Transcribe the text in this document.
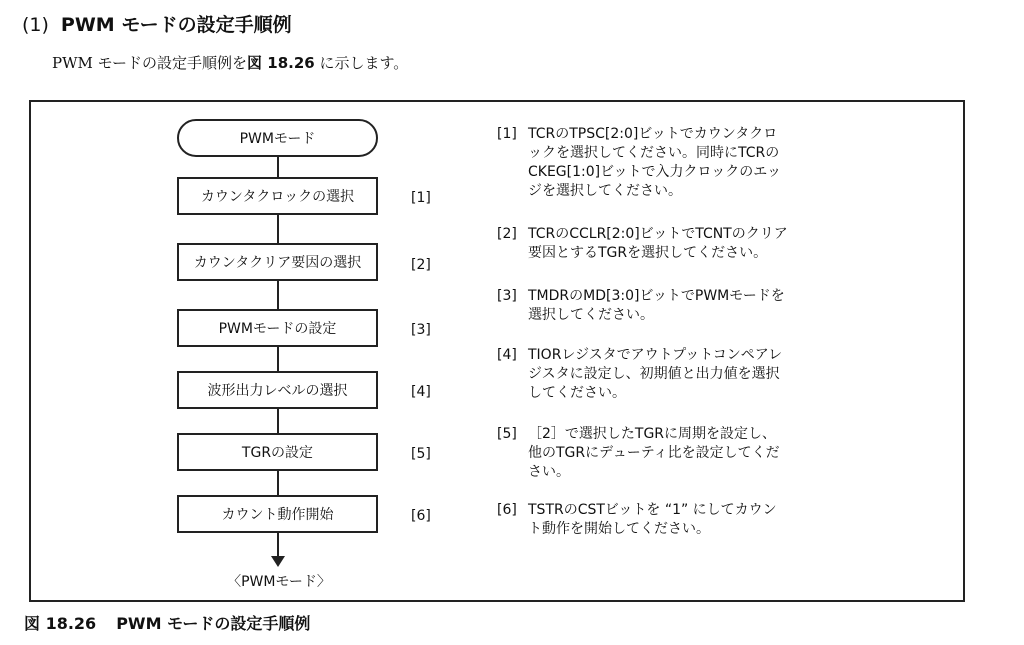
(1) PWM モードの設定手順例
PWM モードの設定手順例を図 18.26 に示します。
PWMモード
カウンタクロックの選択	[1]
カウンタクリア要因の選択	[2]
PWMモードの設定	[3]
波形出力レベルの選択	[4]
TGRの設定	[5]
カウント動作開始	[6]
〈PWMモード〉
[1] TCRのTPSC[2:0]ビットでカウンタクロ
ックを選択してください。同時にTCRの
CKEG[1:0]ビットで入力クロックのエッ
ジを選択してください。
[2] TCRのCCLR[2:0]ビットでTCNTのクリア
要因とするTGRを選択してください。
[3] TMDRのMD[3:0]ビットでPWMモードを
選択してください。
[4] TIORレジスタでアウトプットコンペアレ
ジスタに設定し、初期値と出力値を選択
してください。
[5] ［2］で選択したTGRに周期を設定し、
他のTGRにデューティ比を設定してくだ
さい。
[6] TSTRのCSTビットを “1” にしてカウン
ト動作を開始してください。
図 18.26 PWM モードの設定手順例
